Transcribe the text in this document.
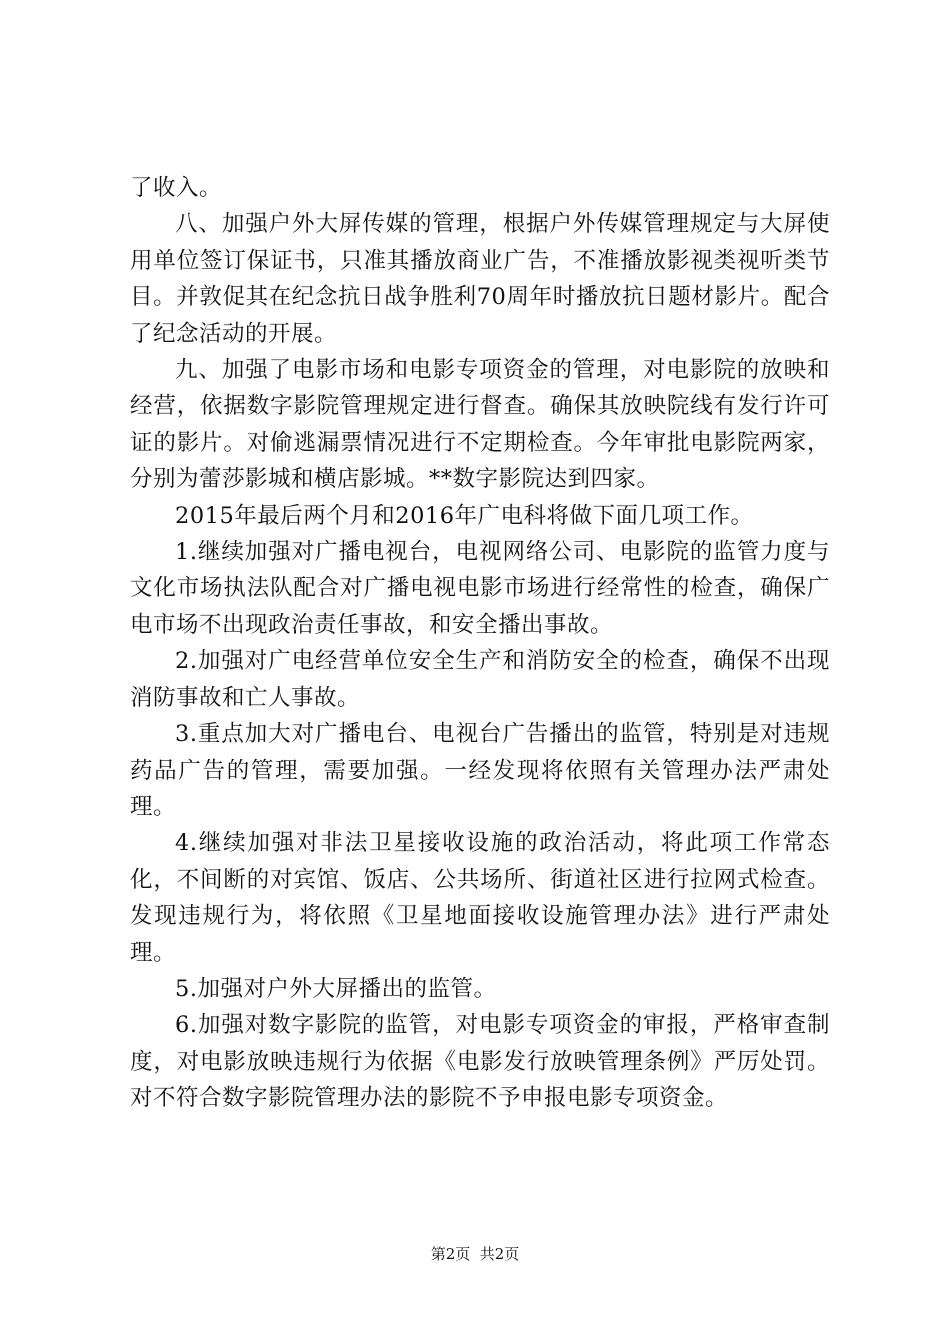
了收入。

八、加强户外大屏传媒的管理，根据户外传媒管理规定与大屏使用单位签订保证书，只准其播放商业广告，不准播放影视类视听类节目。并敦促其在纪念抗日战争胜利70周年时播放抗日题材影片。配合了纪念活动的开展。

九、加强了电影市场和电影专项资金的管理，对电影院的放映和经营，依据数字影院管理规定进行督查。确保其放映院线有发行许可证的影片。对偷逃漏票情况进行不定期检查。今年审批电影院两家，分别为蕾莎影城和横店影城。**数字影院达到四家。

2015年最后两个月和2016年广电科将做下面几项工作。

1.继续加强对广播电视台，电视网络公司、电影院的监管力度与文化市场执法队配合对广播电视电影市场进行经常性的检查，确保广电市场不出现政治责任事故，和安全播出事故。

2.加强对广电经营单位安全生产和消防安全的检查，确保不出现消防事故和亡人事故。

3.重点加大对广播电台、电视台广告播出的监管，特别是对违规药品广告的管理，需要加强。一经发现将依照有关管理办法严肃处理。

4.继续加强对非法卫星接收设施的政治活动，将此项工作常态化，不间断的对宾馆、饭店、公共场所、街道社区进行拉网式检查。发现违规行为，将依照《卫星地面接收设施管理办法》进行严肃处理。

5.加强对户外大屏播出的监管。

6.加强对数字影院的监管，对电影专项资金的审报，严格审查制度，对电影放映违规行为依据《电影发行放映管理条例》严厉处罚。对不符合数字影院管理办法的影院不予申报电影专项资金。

第2页  共2页
